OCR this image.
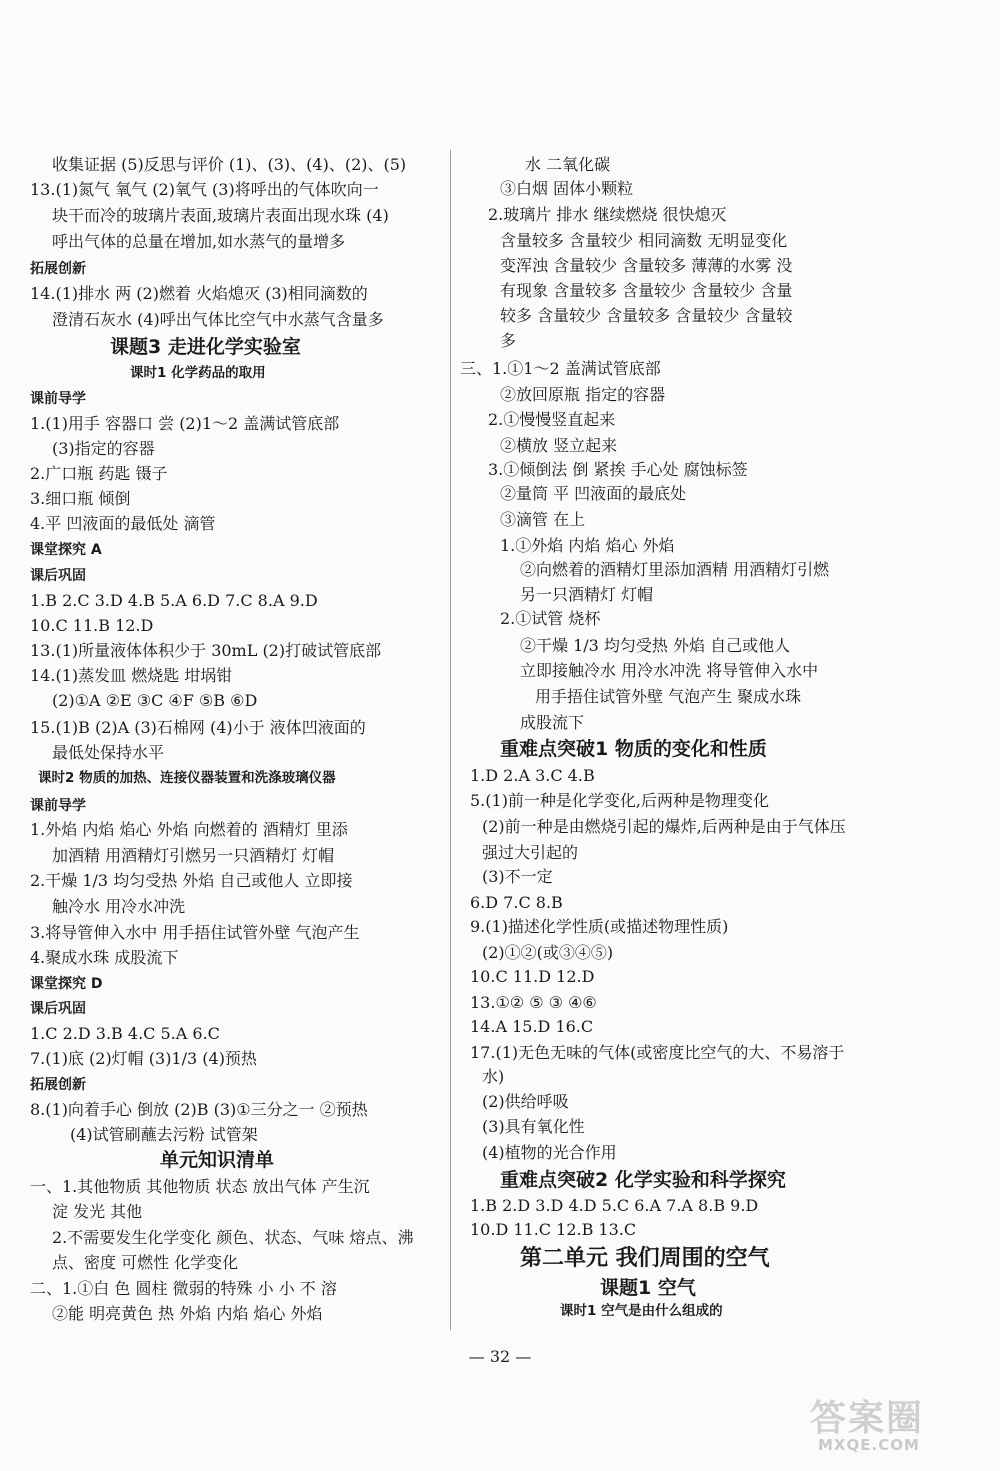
收集证据 (5)反思与评价 (1)、(3)、(4)、(2)、(5)
13.(1)氮气 氧气 (2)氧气 (3)将呼出的气体吹向一
块干而冷的玻璃片表面,玻璃片表面出现水珠 (4)
呼出气体的总量在增加,如水蒸气的量增多
拓展创新
14.(1)排水 两 (2)燃着 火焰熄灭 (3)相同滴数的
澄清石灰水 (4)呼出气体比空气中水蒸气含量多
课题3 走进化学实验室
课时1 化学药品的取用
课前导学
1.(1)用手 容器口 尝 (2)1～2 盖满试管底部
(3)指定的容器
2.广口瓶 药匙 镊子
3.细口瓶 倾倒
4.平 凹液面的最低处 滴管
课堂探究 A
课后巩固
1.B 2.C 3.D 4.B 5.A 6.D 7.C 8.A 9.D
10.C 11.B 12.D
13.(1)所量液体体积少于 30mL (2)打破试管底部
14.(1)蒸发皿 燃烧匙 坩埚钳
(2)①A ②E ③C ④F ⑤B ⑥D
15.(1)B (2)A (3)石棉网 (4)小于 液体凹液面的
最低处保持水平
课时2 物质的加热、连接仪器装置和洗涤玻璃仪器
课前导学
1.外焰 内焰 焰心 外焰 向燃着的 酒精灯 里添
加酒精 用酒精灯引燃另一只酒精灯 灯帽
2.干燥 1/3 均匀受热 外焰 自己或他人 立即接
触冷水 用冷水冲洗
3.将导管伸入水中 用手捂住试管外壁 气泡产生
4.聚成水珠 成股流下
课堂探究 D
课后巩固
1.C 2.D 3.B 4.C 5.A 6.C
7.(1)底 (2)灯帽 (3)1/3 (4)预热
拓展创新
8.(1)向着手心 倒放 (2)B (3)①三分之一 ②预热
(4)试管刷蘸去污粉 试管架
单元知识清单
一、1.其他物质 其他物质 状态 放出气体 产生沉
淀 发光 其他
2.不需要发生化学变化 颜色、状态、气味 熔点、沸
点、密度 可燃性 化学变化
二、1.①白 色 圆柱 微弱的特殊 小 小 不 溶
②能 明亮黄色 热 外焰 内焰 焰心 外焰
水 二氧化碳
③白烟 固体小颗粒
2.玻璃片 排水 继续燃烧 很快熄灭
含量较多 含量较少 相同滴数 无明显变化
变浑浊 含量较少 含量较多 薄薄的水雾 没
有现象 含量较多 含量较少 含量较少 含量
较多 含量较少 含量较多 含量较少 含量较
多
三、1.①1～2 盖满试管底部
②放回原瓶 指定的容器
2.①慢慢竖直起来
②横放 竖立起来
3.①倾倒法 倒 紧挨 手心处 腐蚀标签
②量筒 平 凹液面的最底处
③滴管 在上
1.①外焰 内焰 焰心 外焰
②向燃着的酒精灯里添加酒精 用酒精灯引燃
另一只酒精灯 灯帽
2.①试管 烧杯
②干燥 1/3 均匀受热 外焰 自己或他人
立即接触冷水 用冷水冲洗 将导管伸入水中
用手捂住试管外壁 气泡产生 聚成水珠
成股流下
重难点突破1 物质的变化和性质
1.D 2.A 3.C 4.B
5.(1)前一种是化学变化,后两种是物理变化
(2)前一种是由燃烧引起的爆炸,后两种是由于气体压
强过大引起的
(3)不一定
6.D 7.C 8.B
9.(1)描述化学性质(或描述物理性质)
(2)①②(或③④⑤)
10.C 11.D 12.D
13.①② ⑤ ③ ④⑥
14.A 15.D 16.C
17.(1)无色无味的气体(或密度比空气的大、不易溶于
水)
(2)供给呼吸
(3)具有氧化性
(4)植物的光合作用
重难点突破2 化学实验和科学探究
1.B 2.D 3.D 4.D 5.C 6.A 7.A 8.B 9.D
10.D 11.C 12.B 13.C
第二单元 我们周围的空气
课题1 空气
课时1 空气是由什么组成的
— 32 —
答案圈
MXQE.COM
